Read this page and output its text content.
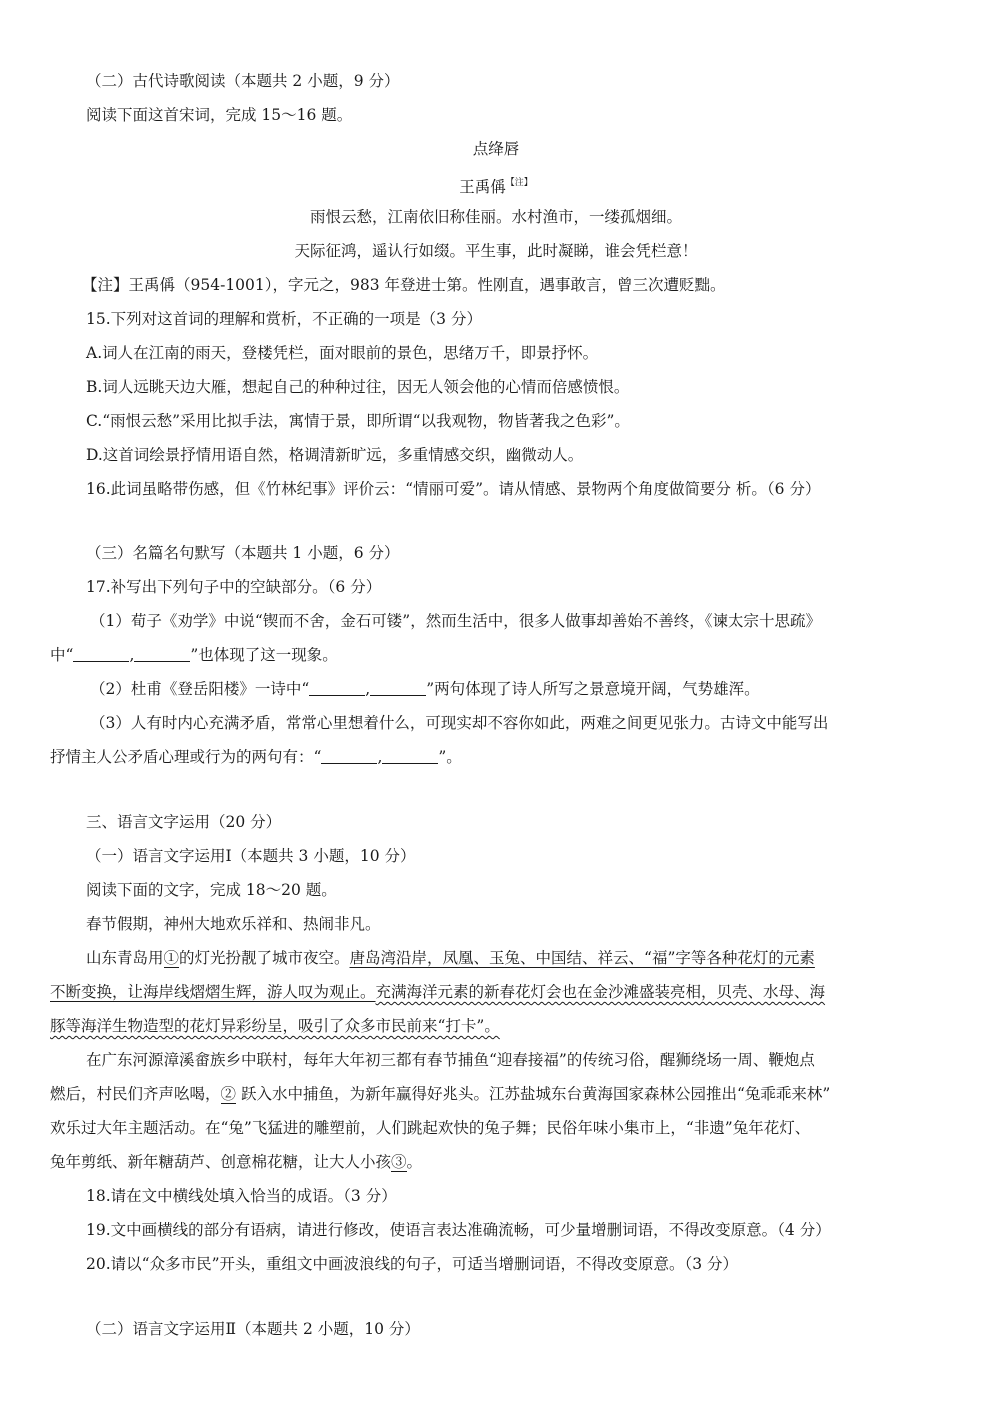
（二）古代诗歌阅读（本题共 2 小题，9 分）
阅读下面这首宋词，完成 15～16 题。
点绛唇
王禹偁$^{【注】}$
雨恨云愁，江南依旧称佳丽。水村渔市，一缕孤烟细。
天际征鸿，遥认行如缀。平生事，此时凝睇，谁会凭栏意！
【注】王禹偁（954-1001），字元之，983 年登进士第。性刚直，遇事敢言，曾三次遭贬黜。
15.下列对这首词的理解和赏析，不正确的一项是（3 分）
A.词人在江南的雨天，登楼凭栏，面对眼前的景色，思绪万千，即景抒怀。
B.词人远眺天边大雁，想起自己的种种过往，因无人领会他的心情而倍感愤恨。
C.“雨恨云愁”采用比拟手法，寓情于景，即所谓“以我观物，物皆著我之色彩”。
D.这首词绘景抒情用语自然，格调清新旷远，多重情感交织，幽微动人。
16.此词虽略带伤感，但《竹林纪事》评价云：“情丽可爱”。请从情感、景物两个角度做简要分 析。（6 分）
（三）名篇名句默写（本题共 1 小题，6 分）
17.补写出下列句子中的空缺部分。（6 分）
（1）荀子《劝学》中说“锲而不舍，金石可镂”，然而生活中，很多人做事却善始不善终，《谏太宗十思疏》
中“	,	”也体现了这一现象。
（2）杜甫《登岳阳楼》一诗中“	,	”两句体现了诗人所写之景意境开阔，气势雄浑。
（3）人有时内心充满矛盾，常常心里想着什么，可现实却不容你如此，两难之间更见张力。古诗文中能写出
抒情主人公矛盾心理或行为的两句有：“	,	”。
三、语言文字运用（20 分）
（一）语言文字运用Ⅰ（本题共 3 小题，10 分）
阅读下面的文字，完成 18～20 题。
春节假期，神州大地欢乐祥和、热闹非凡。
山东青岛用①的灯光扮靓了城市夜空。唐岛湾沿岸，凤凰、玉兔、中国结、祥云、“福”字等各种花灯的元素
不断变换，让海岸线熠熠生辉，游人叹为观止。充满海洋元素的新春花灯会也在金沙滩盛装亮相，贝壳、水母、海
豚等海洋生物造型的花灯异彩纷呈，吸引了众多市民前来“打卡”。
在广东河源漳溪畲族乡中联村，每年大年初三都有春节捕鱼“迎春接福”的传统习俗，醒狮绕场一周、鞭炮点
燃后，村民们齐声吆喝，② 跃入水中捕鱼，为新年赢得好兆头。江苏盐城东台黄海国家森林公园推出“兔乖乖来林”
欢乐过大年主题活动。在“兔”飞猛进的雕塑前，人们跳起欢快的兔子舞；民俗年味小集市上，“非遗”兔年花灯、
兔年剪纸、新年糖葫芦、创意棉花糖，让大人小孩③。
18.请在文中横线处填入恰当的成语。（3 分）
19.文中画横线的部分有语病，请进行修改，使语言表达准确流畅，可少量增删词语，不得改变原意。（4 分）
20.请以“众多市民”开头，重组文中画波浪线的句子，可适当增删词语，不得改变原意。（3 分）
（二）语言文字运用Ⅱ（本题共 2 小题，10 分）
